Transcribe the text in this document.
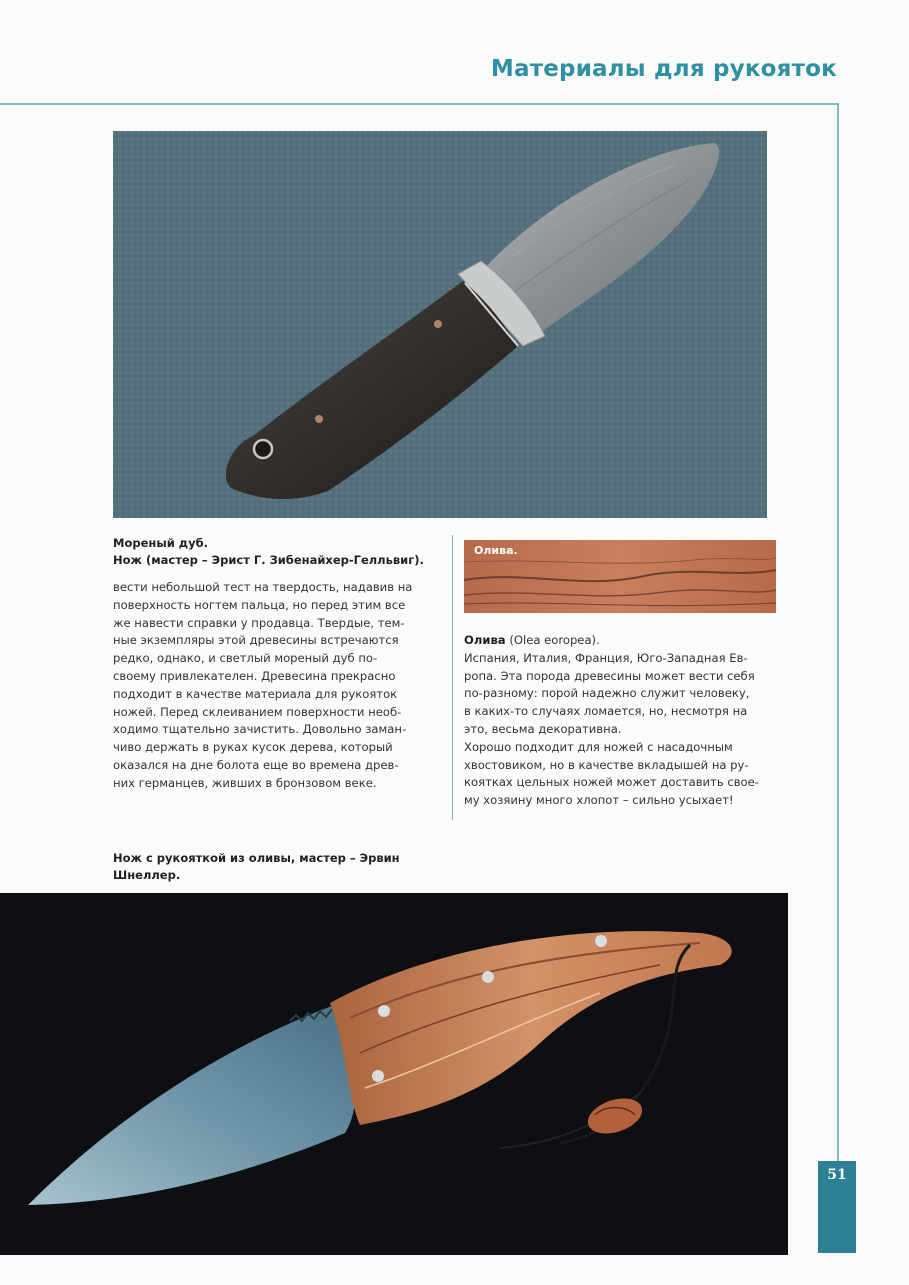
Материалы для рукояток
Мореный дуб.
Нож (мастер – Эрист Г. Зибенайхер-Гелльвиг).

вести небольшой тест на твердость, надавив на

поверхность ногтем пальца, но перед этим все

же навести справки у продавца. Твердые, тем-

ные экземпляры этой древесины встречаются

редко, однако, и светлый мореный дуб по-

своему привлекателен. Древесина прекрасно

подходит в качестве материала для рукояток

ножей. Перед склеиванием поверхности необ-

ходимо тщательно зачистить. Довольно заман-

чиво держать в руках кусок дерева, который

оказался на дне болота еще во времена древ-

них германцев, живших в бронзовом веке.

Олива.

Олива (Olea eoropea).

Испания, Италия, Франция, Юго-Западная Ев-

ропа. Эта порода древесины может вести себя

по-разному: порой надежно служит человеку,

в каких-то случаях ломается, но, несмотря на

это, весьма декоративна.

Хорошо подходит для ножей с насадочным

хвостовиком, но в качестве вкладышей на ру-

коятках цельных ножей может доставить свое-

му хозяину много хлопот – сильно усыхает!

Нож с рукояткой из оливы, мастер – Эрвин
Шнеллер.
51
